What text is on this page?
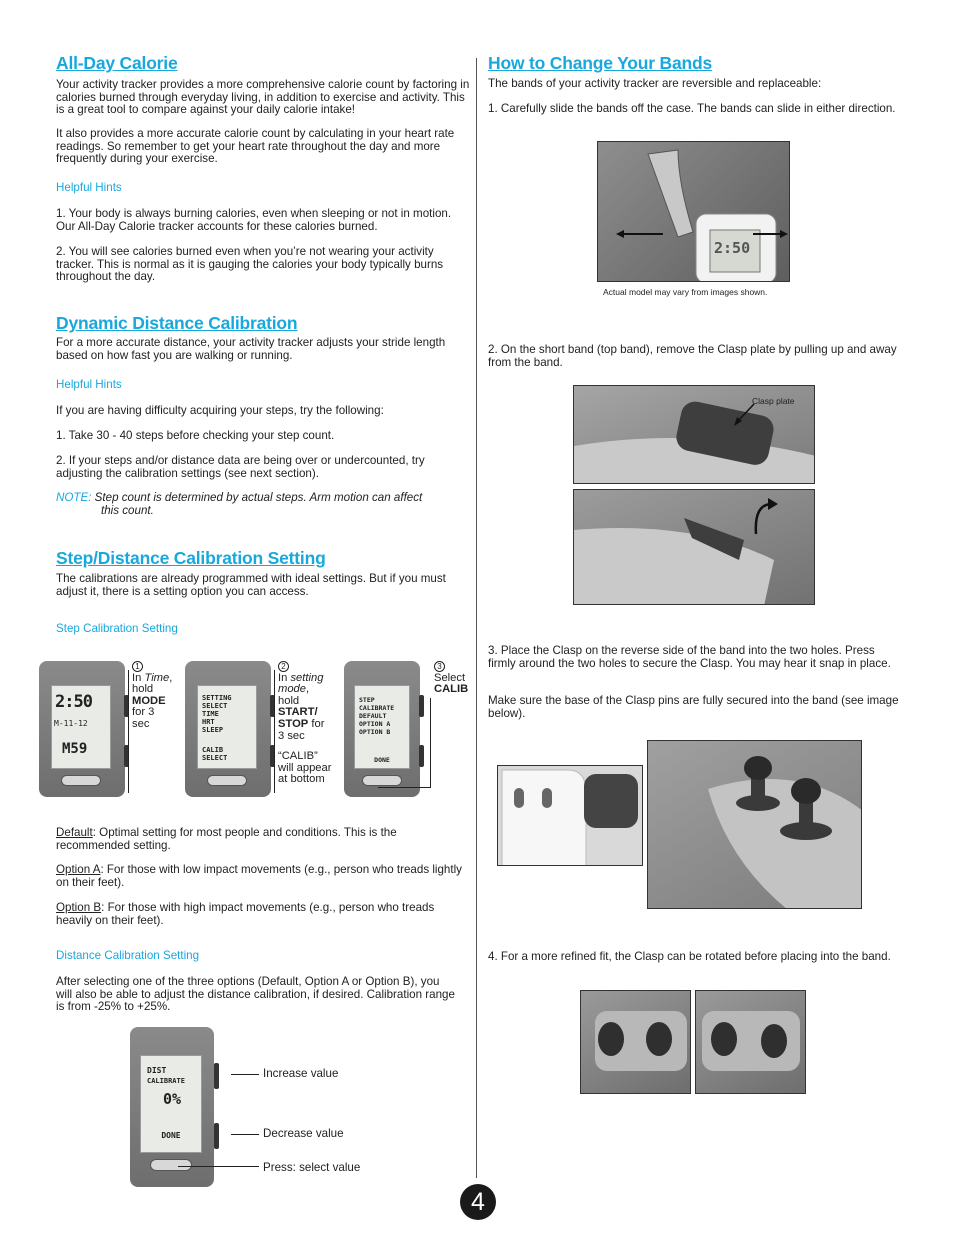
All-Day Calorie
Your activity tracker provides a more comprehensive calorie count by factoring in calories burned through everyday living, in addition to exercise and activity. This is a great tool to compare against your daily calorie intake!
It also provides a more accurate calorie count by calculating in your heart rate readings. So remember to get your heart rate throughout the day and more frequently during your exercise.
Helpful Hints
1. Your body is always burning calories, even when sleeping or not in motion. Our All-Day Calorie tracker accounts for these calories burned.
2. You will see calories burned even when you’re not wearing your activity tracker. This is normal as it is gauging the calories your body typically burns throughout the day.
Dynamic Distance Calibration
For a more accurate distance, your activity tracker adjusts your stride length based on how fast you are walking or running.
Helpful Hints
If you are having difficulty acquiring your steps, try the following:
1. Take 30 - 40 steps before checking your step count.
2. If your steps and/or distance data are being over or undercounted, try adjusting the calibration settings (see next section).
NOTE: Step count is determined by actual steps. Arm motion can affect
this count.
Step/Distance Calibration Setting
The calibrations are already programmed with ideal settings. But if you must adjust it, there is a setting option you can access.
Step Calibration Setting
2:50
M-11-12
M59
1
In Time,
hold
MODE
for 3
sec
SETTING
SELECT
TIME
HRT
SLEEP
CALIB
SELECT
2
In setting
mode,
hold
START/
STOP for
3 sec

“CALIB”
will appear
at bottom
STEP
CALIBRATE
DEFAULT
OPTION A
OPTION B
DONE
3
Select
CALIB
Default: Optimal setting for most people and conditions. This is the recommended setting.
Option A: For those with low impact movements (e.g., person who treads lightly on their feet).
Option B: For those with high impact movements (e.g., person who treads heavily on their feet).
Distance Calibration Setting
After selecting one of the three options (Default, Option A or Option B), you will also be able to adjust the distance calibration, if desired. Calibration range is from -25% to +25%.
DIST
CALIBRATE
0%
DONE
Increase value
Decrease value
Press: select value
How to Change Your Bands
The bands of your activity tracker are reversible and replaceable:
1. Carefully slide the bands off the case. The bands can slide in either direction.
2:50
Actual model may vary from images shown.
2. On the short band (top band), remove the Clasp plate by pulling up and away from the band.
Clasp plate
3. Place the Clasp on the reverse side of the band into the two holes. Press firmly around the two holes to secure the Clasp. You may hear it snap in place.
Make sure the base of the Clasp pins are fully secured into the band (see image below).
4. For a more refined fit, the Clasp can be rotated before placing into the band.
4
